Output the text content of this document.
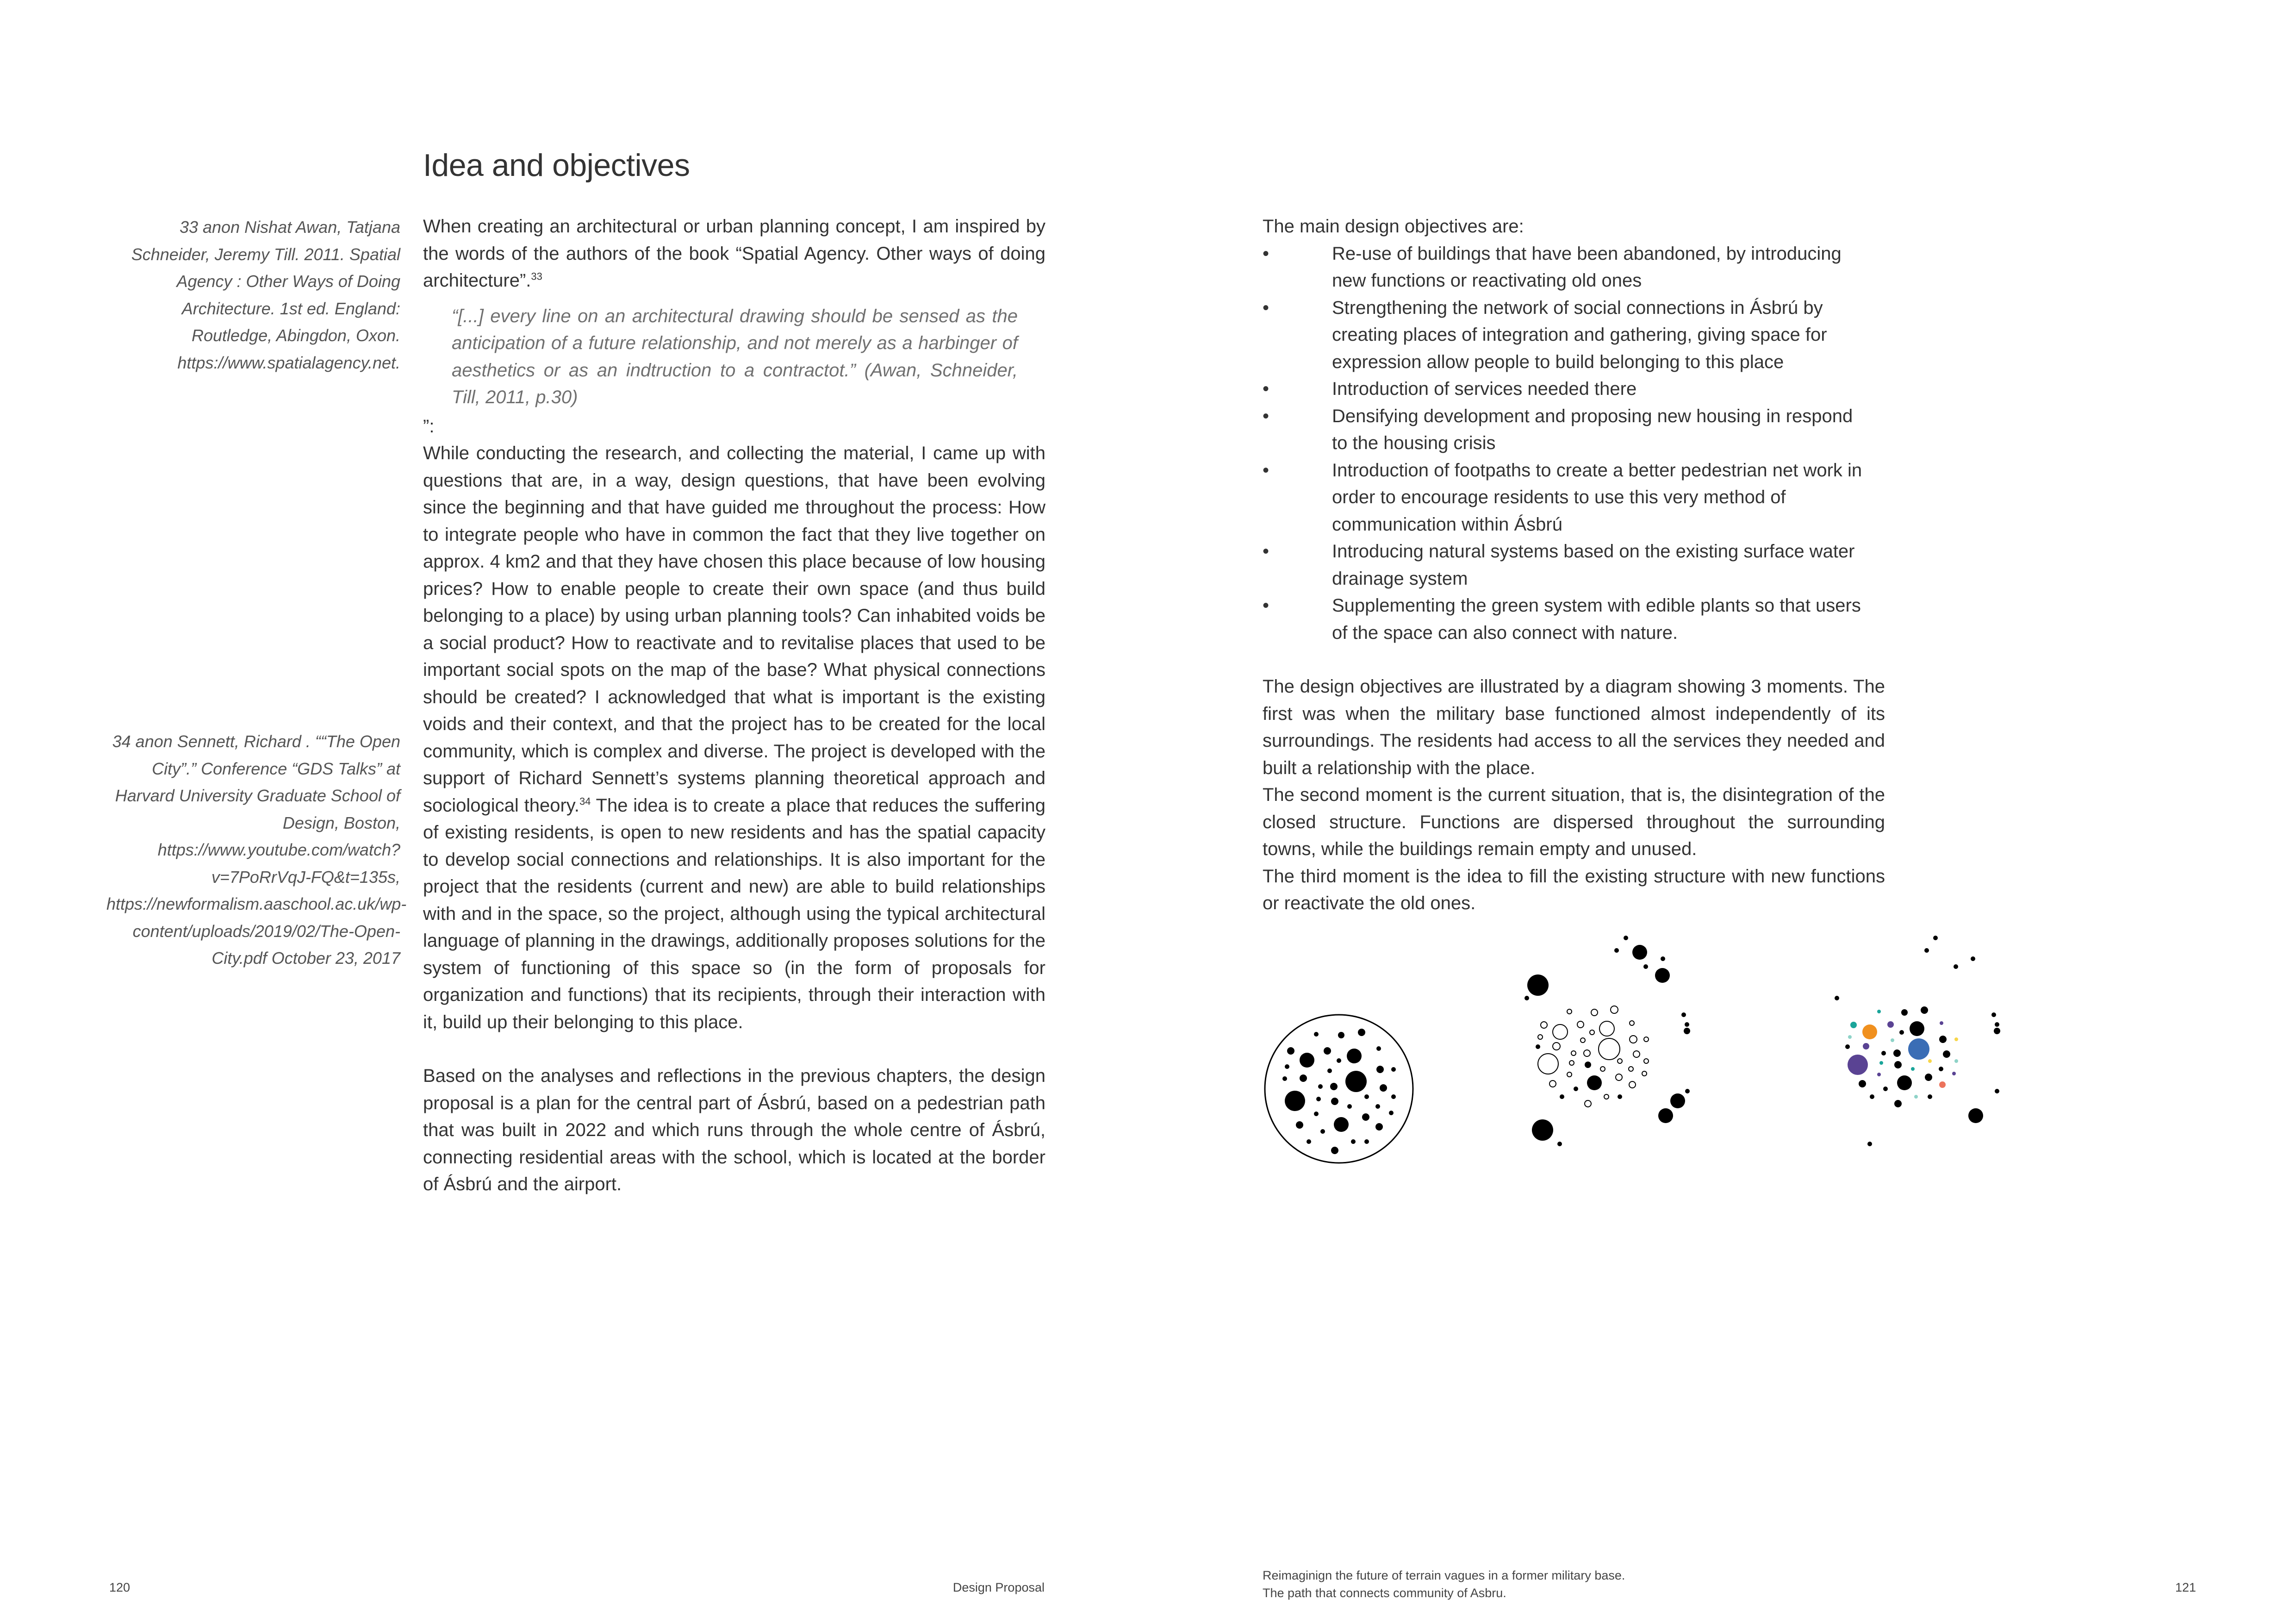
Idea and objectives
33 anon Nishat Awan, Tatjana Schneider, Jeremy Till. 2011. Spatial Agency : Other Ways of Doing Architecture. 1st ed. England: Routledge, Abingdon, Oxon. https://www.spatialagency.net.
34 anon Sennett, Richard . ““The Open City”.” Conference “GDS Talks” at Harvard University Graduate School of Design, Boston, https://www.youtube.com/watch?v=7PoRrVqJ-FQ&t=135s, https://newformalism.aaschool.ac.uk/wp-content/uploads/2019/02/The-Open-City.pdf October 23, 2017

When creating an architectural or urban planning concept, I am inspired by the words of the authors of the book “Spatial Agency. Other ways of doing architecture”.$^{33}$

“[...] every line on an architectural drawing should be sensed as the anticipation of a future relationship, and not merely as a harbinger of aesthetics or as an indtruction to a contractot.” (Awan, Schneider, Till, 2011, p.30)

”:

While conducting the research, and collecting the material, I came up with questions that are, in a way, design questions, that have been evolving since the beginning and that have guided me throughout the process: How to integrate people who have in common the fact that they live together on approx. 4 km2 and that they have chosen this place because of low housing prices? How to enable people to create their own space (and thus build belonging to a place) by using urban planning tools? Can inhabited voids be a social product? How to reactivate and to revitalise places that used to be important social spots on the map of the base? What physical connections should be created? I acknowledged that what is important is the existing voids and their context, and that the project has to be created for the local community, which is complex and diverse. The project is developed with the support of Richard Sennett’s systems planning theoretical approach and sociological theory.$^{34}$ The idea is to create a place that reduces the suffering of existing residents, is open to new residents and has the spatial capacity to develop social connections and relationships. It is also important for the project that the residents (current and new) are able to build relationships with and in the space, so the project, although using the typical architectural language of planning in the drawings, additionally proposes solutions for the system of functioning of this space so (in the form of proposals for organization and functions) that its recipients, through their interaction with it, build up their belonging to this place.

Based on the analyses and reflections in the previous chapters, the design proposal is a plan for the central part of Ásbrú, based on a pedestrian path that was built in 2022 and which runs through the whole centre of Ásbrú, connecting residential areas with the school, which is located at the border of Ásbrú and the airport.

120	Design Proposal

The main design objectives are:

•	Re-use of buildings that have been abandoned, by introducing new functions or reactivating old ones
•	Strengthening the network of social connections in Ásbrú by creating places of integration and gathering, giving space for expression allow people to build belonging to this place
•	Introduction of services needed there
•	Densifying development and proposing new housing in respond to the housing crisis
•	Introduction of footpaths to create a better pedestrian net work in order to encourage residents to use this very method of communication within Ásbrú
•	Introducing natural systems based on the existing surface water drainage system
•	Supplementing the green system with edible plants so that users of the space can also connect with nature.

The design objectives are illustrated by a diagram showing 3 moments. The first was when the military base functioned almost independently of its surroundings. The residents had access to all the services they needed and built a relationship with the place.

The second moment is the current situation, that is, the disintegration of the closed structure. Functions are dispersed throughout the surrounding towns, while the buildings remain empty and unused.

The third moment is the idea to fill the existing structure with new functions or reactivate the old ones.

Reimaginign the future of terrain vagues in a former military base.
The path that connects community of Asbru.	121
